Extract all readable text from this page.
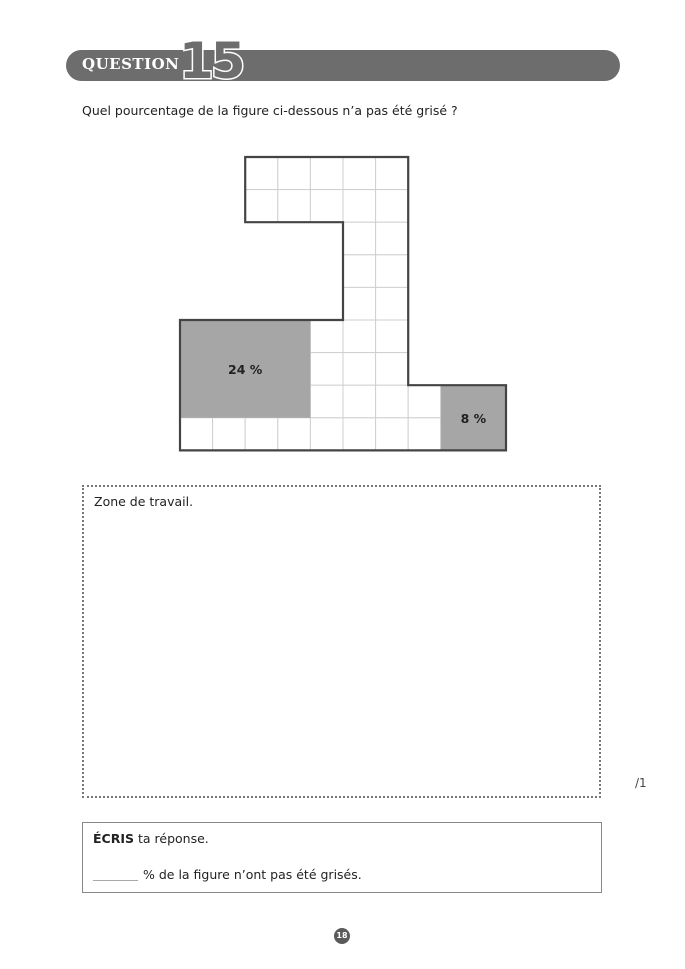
QUESTION 15
Quel pourcentage de la figure ci-dessous n’a pas été grisé ?
24 %
8 %
Zone de travail.
/1
ÉCRIS ta réponse.
% de la figure n’ont pas été grisés.
18
